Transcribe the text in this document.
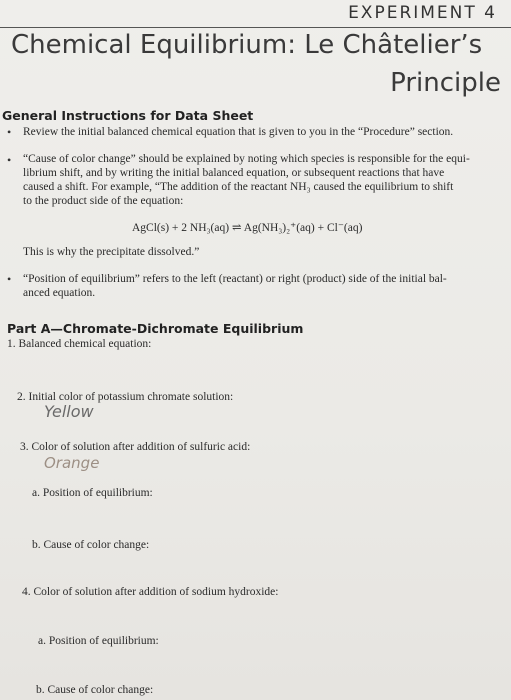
EXPERIMENT 4
Chemical Equilibrium: Le Châtelier’s
Principle
General Instructions for Data Sheet
• Review the initial balanced chemical equation that is given to you in the “Procedure” section.
• “Cause of color change” should be explained by noting which species is responsible for the equi-
librium shift, and by writing the initial balanced equation, or subsequent reactions that have
caused a shift. For example, “The addition of the reactant NH₃ caused the equilibrium to shift
to the product side of the equation:
AgCl(s) + 2 NH₃(aq) ⇌ Ag(NH₃)₂⁺(aq) + Cl⁻(aq)
This is why the precipitate dissolved.”
• “Position of equilibrium” refers to the left (reactant) or right (product) side of the initial bal-
anced equation.
Part A—Chromate-Dichromate Equilibrium
1. Balanced chemical equation:
2. Initial color of potassium chromate solution:
Yellow
3. Color of solution after addition of sulfuric acid:
Orange
a. Position of equilibrium:
b. Cause of color change:
4. Color of solution after addition of sodium hydroxide:
a. Position of equilibrium:
b. Cause of color change:
